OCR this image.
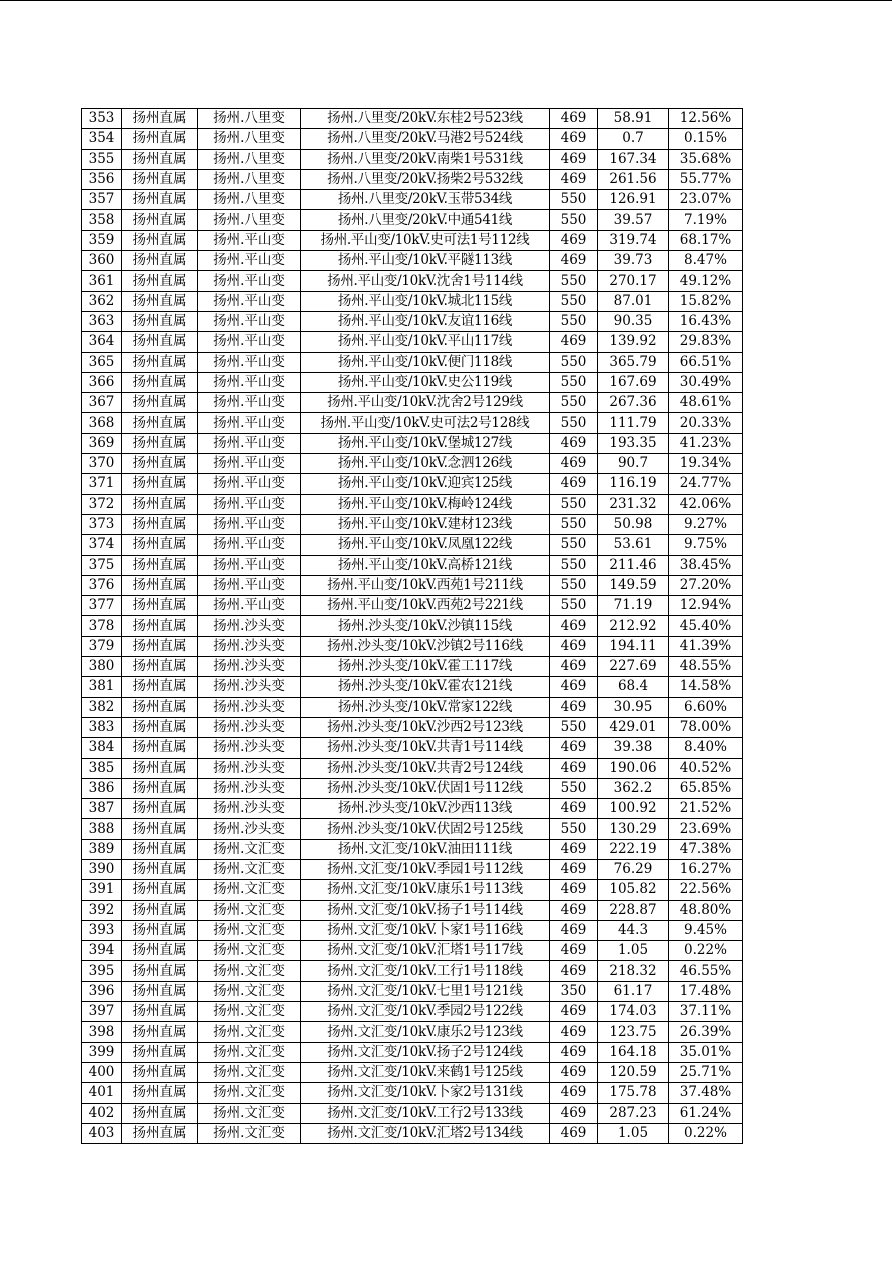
353	扬州直属	扬州.八里变	扬州.八里变/20kV.东桂2号523线	469	58.91	12.56%
354	扬州直属	扬州.八里变	扬州.八里变/20kV.马港2号524线	469	0.7	0.15%
355	扬州直属	扬州.八里变	扬州.八里变/20kV.南柴1号531线	469	167.34	35.68%
356	扬州直属	扬州.八里变	扬州.八里变/20kV.扬柴2号532线	469	261.56	55.77%
357	扬州直属	扬州.八里变	扬州.八里变/20kV.玉带534线	550	126.91	23.07%
358	扬州直属	扬州.八里变	扬州.八里变/20kV.中通541线	550	39.57	7.19%
359	扬州直属	扬州.平山变	扬州.平山变/10kV.史可法1号112线	469	319.74	68.17%
360	扬州直属	扬州.平山变	扬州.平山变/10kV.平隧113线	469	39.73	8.47%
361	扬州直属	扬州.平山变	扬州.平山变/10kV.沈舍1号114线	550	270.17	49.12%
362	扬州直属	扬州.平山变	扬州.平山变/10kV.城北115线	550	87.01	15.82%
363	扬州直属	扬州.平山变	扬州.平山变/10kV.友谊116线	550	90.35	16.43%
364	扬州直属	扬州.平山变	扬州.平山变/10kV.平山117线	469	139.92	29.83%
365	扬州直属	扬州.平山变	扬州.平山变/10kV.便门118线	550	365.79	66.51%
366	扬州直属	扬州.平山变	扬州.平山变/10kV.史公119线	550	167.69	30.49%
367	扬州直属	扬州.平山变	扬州.平山变/10kV.沈舍2号129线	550	267.36	48.61%
368	扬州直属	扬州.平山变	扬州.平山变/10kV.史可法2号128线	550	111.79	20.33%
369	扬州直属	扬州.平山变	扬州.平山变/10kV.堡城127线	469	193.35	41.23%
370	扬州直属	扬州.平山变	扬州.平山变/10kV.念泗126线	469	90.7	19.34%
371	扬州直属	扬州.平山变	扬州.平山变/10kV.迎宾125线	469	116.19	24.77%
372	扬州直属	扬州.平山变	扬州.平山变/10kV.梅岭124线	550	231.32	42.06%
373	扬州直属	扬州.平山变	扬州.平山变/10kV.建材123线	550	50.98	9.27%
374	扬州直属	扬州.平山变	扬州.平山变/10kV.凤凰122线	550	53.61	9.75%
375	扬州直属	扬州.平山变	扬州.平山变/10kV.高桥121线	550	211.46	38.45%
376	扬州直属	扬州.平山变	扬州.平山变/10kV.西苑1号211线	550	149.59	27.20%
377	扬州直属	扬州.平山变	扬州.平山变/10kV.西苑2号221线	550	71.19	12.94%
378	扬州直属	扬州.沙头变	扬州.沙头变/10kV.沙镇115线	469	212.92	45.40%
379	扬州直属	扬州.沙头变	扬州.沙头变/10kV.沙镇2号116线	469	194.11	41.39%
380	扬州直属	扬州.沙头变	扬州.沙头变/10kV.霍工117线	469	227.69	48.55%
381	扬州直属	扬州.沙头变	扬州.沙头变/10kV.霍农121线	469	68.4	14.58%
382	扬州直属	扬州.沙头变	扬州.沙头变/10kV.常家122线	469	30.95	6.60%
383	扬州直属	扬州.沙头变	扬州.沙头变/10kV.沙西2号123线	550	429.01	78.00%
384	扬州直属	扬州.沙头变	扬州.沙头变/10kV.共青1号114线	469	39.38	8.40%
385	扬州直属	扬州.沙头变	扬州.沙头变/10kV.共青2号124线	469	190.06	40.52%
386	扬州直属	扬州.沙头变	扬州.沙头变/10kV.伏固1号112线	550	362.2	65.85%
387	扬州直属	扬州.沙头变	扬州.沙头变/10kV.沙西113线	469	100.92	21.52%
388	扬州直属	扬州.沙头变	扬州.沙头变/10kV.伏固2号125线	550	130.29	23.69%
389	扬州直属	扬州.文汇变	扬州.文汇变/10kV.油田111线	469	222.19	47.38%
390	扬州直属	扬州.文汇变	扬州.文汇变/10kV.季园1号112线	469	76.29	16.27%
391	扬州直属	扬州.文汇变	扬州.文汇变/10kV.康乐1号113线	469	105.82	22.56%
392	扬州直属	扬州.文汇变	扬州.文汇变/10kV.扬子1号114线	469	228.87	48.80%
393	扬州直属	扬州.文汇变	扬州.文汇变/10kV.卜家1号116线	469	44.3	9.45%
394	扬州直属	扬州.文汇变	扬州.文汇变/10kV.汇塔1号117线	469	1.05	0.22%
395	扬州直属	扬州.文汇变	扬州.文汇变/10kV.工行1号118线	469	218.32	46.55%
396	扬州直属	扬州.文汇变	扬州.文汇变/10kV.七里1号121线	350	61.17	17.48%
397	扬州直属	扬州.文汇变	扬州.文汇变/10kV.季园2号122线	469	174.03	37.11%
398	扬州直属	扬州.文汇变	扬州.文汇变/10kV.康乐2号123线	469	123.75	26.39%
399	扬州直属	扬州.文汇变	扬州.文汇变/10kV.扬子2号124线	469	164.18	35.01%
400	扬州直属	扬州.文汇变	扬州.文汇变/10kV.来鹤1号125线	469	120.59	25.71%
401	扬州直属	扬州.文汇变	扬州.文汇变/10kV.卜家2号131线	469	175.78	37.48%
402	扬州直属	扬州.文汇变	扬州.文汇变/10kV.工行2号133线	469	287.23	61.24%
403	扬州直属	扬州.文汇变	扬州.文汇变/10kV.汇塔2号134线	469	1.05	0.22%
